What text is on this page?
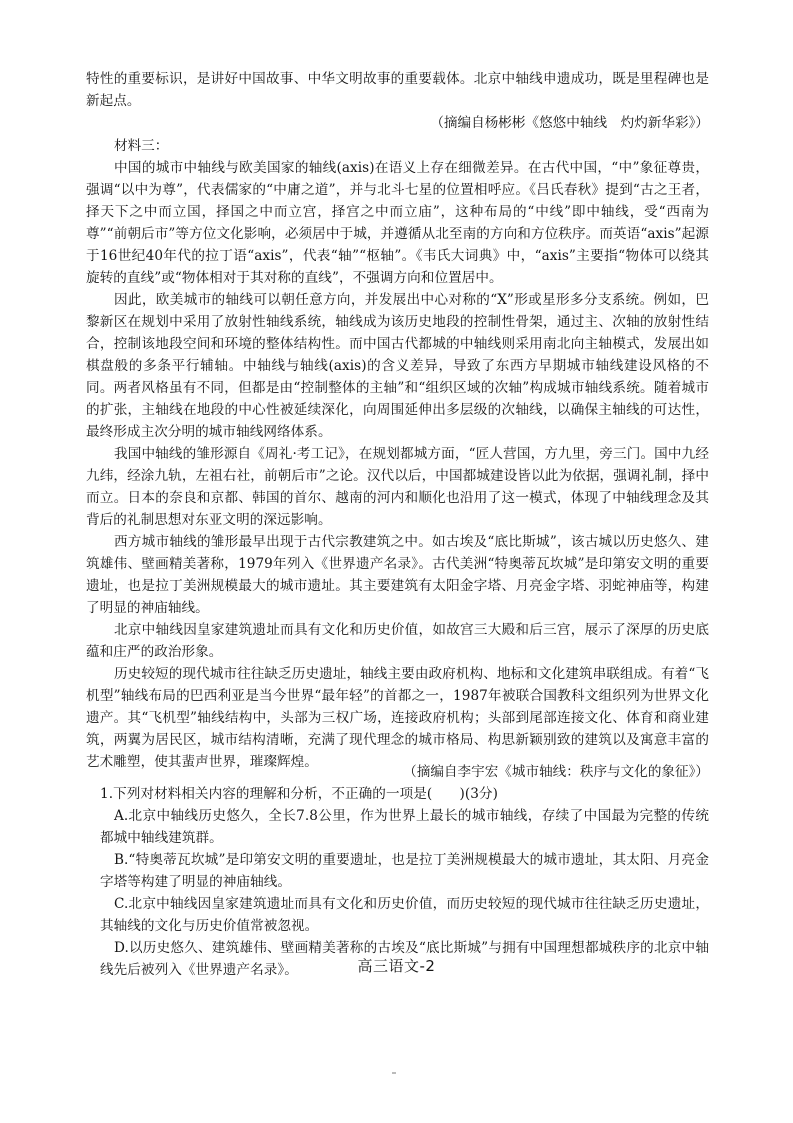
特性的重要标识，是讲好中国故事、中华文明故事的重要载体。北京中轴线申遗成功，既是里程碑也是新起点。

（摘编自杨彬彬《悠悠中轴线　灼灼新华彩》）
材料三：

中国的城市中轴线与欧美国家的轴线(axis)在语义上存在细微差异。在古代中国，“中”象征尊贵，强调“以中为尊”，代表儒家的“中庸之道”，并与北斗七星的位置相呼应。《吕氏春秋》提到“古之王者，择天下之中而立国，择国之中而立宫，择宫之中而立庙”，这种布局的“中线”即中轴线，受“西南为尊”“前朝后市”等方位文化影响，必须居中于城，并遵循从北至南的方向和方位秩序。而英语“axis”起源于16世纪40年代的拉丁语“axis”，代表“轴”“枢轴”。《韦氏大词典》中，“axis”主要指“物体可以绕其旋转的直线”或“物体相对于其对称的直线”，不强调方向和位置居中。

因此，欧美城市的轴线可以朝任意方向，并发展出中心对称的“X”形或星形多分支系统。例如，巴黎新区在规划中采用了放射性轴线系统，轴线成为该历史地段的控制性骨架，通过主、次轴的放射性结合，控制该地段空间和环境的整体结构性。而中国古代都城的中轴线则采用南北向主轴模式，发展出如棋盘般的多条平行辅轴。中轴线与轴线(axis)的含义差异，导致了东西方早期城市轴线建设风格的不同。两者风格虽有不同，但都是由“控制整体的主轴”和“组织区域的次轴”构成城市轴线系统。随着城市的扩张，主轴线在地段的中心性被延续深化，向周围延伸出多层级的次轴线，以确保主轴线的可达性，最终形成主次分明的城市轴线网络体系。

我国中轴线的雏形源自《周礼·考工记》，在规划都城方面，“匠人营国，方九里，旁三门。国中九经九纬，经涂九轨，左祖右社，前朝后市”之论。汉代以后，中国都城建设皆以此为依据，强调礼制，择中而立。日本的奈良和京都、韩国的首尔、越南的河内和顺化也沿用了这一模式，体现了中轴线理念及其背后的礼制思想对东亚文明的深远影响。

西方城市轴线的雏形最早出现于古代宗教建筑之中。如古埃及“底比斯城”，该古城以历史悠久、建筑雄伟、壁画精美著称，1979年列入《世界遗产名录》。古代美洲“特奥蒂瓦坎城”是印第安文明的重要遗址，也是拉丁美洲规模最大的城市遗址。其主要建筑有太阳金字塔、月亮金字塔、羽蛇神庙等，构建了明显的神庙轴线。

北京中轴线因皇家建筑遗址而具有文化和历史价值，如故宫三大殿和后三宫，展示了深厚的历史底蕴和庄严的政治形象。

历史较短的现代城市往往缺乏历史遗址，轴线主要由政府机构、地标和文化建筑串联组成。有着“飞机型”轴线布局的巴西利亚是当今世界“最年轻”的首都之一，1987年被联合国教科文组织列为世界文化遗产。其“飞机型”轴线结构中，头部为三权广场，连接政府机构；头部到尾部连接文化、体育和商业建筑，两翼为居民区，城市结构清晰，充满了现代理念的城市格局、构思新颖别致的建筑以及寓意丰富的艺术雕塑，使其蜚声世界，璀璨辉煌。

（摘编自李宇宏《城市轴线：秩序与文化的象征》）

1.下列对材料相关内容的理解和分析，不正确的一项是(　　)(3分)

A.北京中轴线历史悠久，全长7.8公里，作为世界上最长的城市轴线，存续了中国最为完整的传统都城中轴线建筑群。

B.“特奥蒂瓦坎城”是印第安文明的重要遗址，也是拉丁美洲规模最大的城市遗址，其太阳、月亮金字塔等构建了明显的神庙轴线。

C.北京中轴线因皇家建筑遗址而具有文化和历史价值，而历史较短的现代城市往往缺乏历史遗址，其轴线的文化与历史价值常被忽视。

D.以历史悠久、建筑雄伟、壁画精美著称的古埃及“底比斯城”与拥有中国理想都城秩序的北京中轴线先后被列入《世界遗产名录》。	高三语文-2
